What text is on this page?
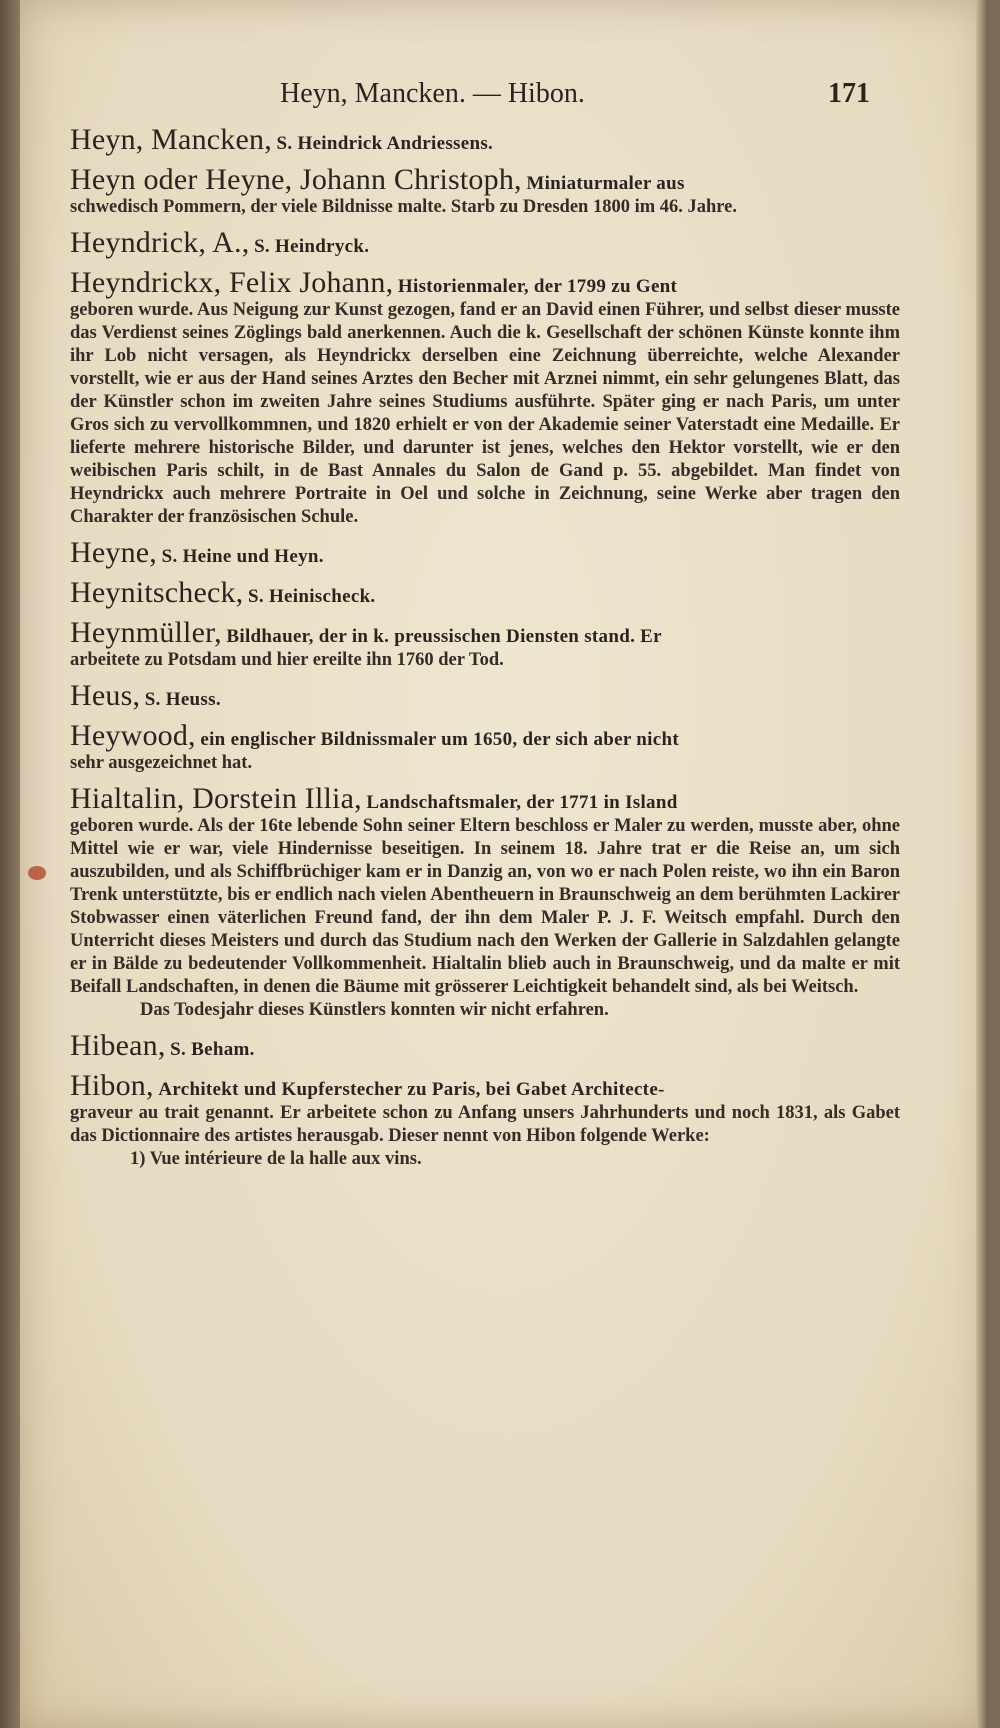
Heyn, Mancken. — Hibon.	171

Heyn, Mancken, S. Heindrick Andriessens.

Heyn oder Heyne, Johann Christoph, Miniaturmaler aus

schwedisch Pommern, der viele Bildnisse malte. Starb zu Dresden 1800 im 46. Jahre.

Heyndrick, A., S. Heindryck.

Heyndrickx, Felix Johann, Historienmaler, der 1799 zu Gent

geboren wurde. Aus Neigung zur Kunst gezogen, fand er an David einen Führer, und selbst dieser musste das Verdienst seines Zöglings bald anerkennen. Auch die k. Gesellschaft der schönen Künste konnte ihm ihr Lob nicht versagen, als Heyndrickx derselben eine Zeichnung überreichte, welche Alexander vorstellt, wie er aus der Hand seines Arztes den Becher mit Arznei nimmt, ein sehr gelungenes Blatt, das der Künstler schon im zweiten Jahre seines Studiums ausführte. Später ging er nach Paris, um unter Gros sich zu vervollkommnen, und 1820 erhielt er von der Akademie seiner Vaterstadt eine Medaille. Er lieferte mehrere historische Bilder, und darunter ist jenes, welches den Hektor vorstellt, wie er den weibischen Paris schilt, in de Bast Annales du Salon de Gand p. 55. abgebildet. Man findet von Heyndrickx auch mehrere Portraite in Oel und solche in Zeichnung, seine Werke aber tragen den Charakter der französischen Schule.

Heyne, S. Heine und Heyn.

Heynitscheck, S. Heinischeck.

Heynmüller, Bildhauer, der in k. preussischen Diensten stand. Er

arbeitete zu Potsdam und hier ereilte ihn 1760 der Tod.

Heus, S. Heuss.

Heywood, ein englischer Bildnissmaler um 1650, der sich aber nicht

sehr ausgezeichnet hat.

Hialtalin, Dorstein Illia, Landschaftsmaler, der 1771 in Island

geboren wurde. Als der 16te lebende Sohn seiner Eltern beschloss er Maler zu werden, musste aber, ohne Mittel wie er war, viele Hindernisse beseitigen. In seinem 18. Jahre trat er die Reise an, um sich auszubilden, und als Schiffbrüchiger kam er in Danzig an, von wo er nach Polen reiste, wo ihn ein Baron Trenk unterstützte, bis er endlich nach vielen Abentheuern in Braunschweig an dem berühmten Lackirer Stobwasser einen väterlichen Freund fand, der ihn dem Maler P. J. F. Weitsch empfahl. Durch den Unterricht dieses Meisters und durch das Studium nach den Werken der Gallerie in Salzdahlen gelangte er in Bälde zu bedeutender Vollkommenheit. Hialtalin blieb auch in Braunschweig, und da malte er mit Beifall Landschaften, in denen die Bäume mit grösserer Leichtigkeit behandelt sind, als bei Weitsch.

Das Todesjahr dieses Künstlers konnten wir nicht erfahren.

Hibean, S. Beham.

Hibon, Architekt und Kupferstecher zu Paris, bei Gabet Architecte-

graveur au trait genannt. Er arbeitete schon zu Anfang unsers Jahrhunderts und noch 1831, als Gabet das Dictionnaire des artistes herausgab. Dieser nennt von Hibon folgende Werke:

1) Vue intérieure de la halle aux vins.
